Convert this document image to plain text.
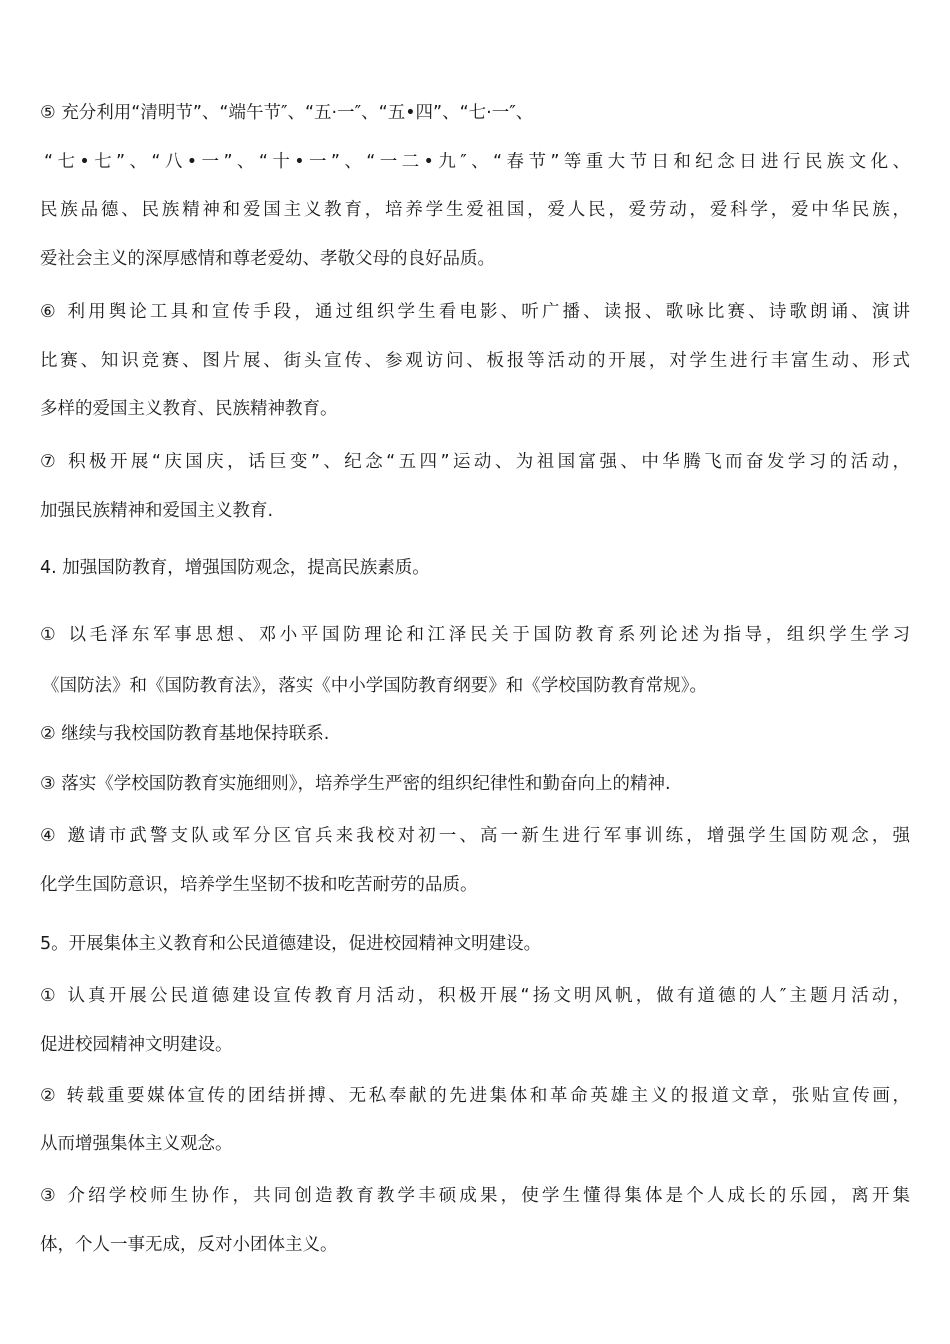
⑤ 充分利用“清明节”、“端午节″、“五·一″、“五•四”、“七·一″、
“七•七”、“八•一”、“十•一”、“一二•九″、“春节”等重大节日和纪念日进行民族文化、
民族品德、民族精神和爱国主义教育，培养学生爱祖国，爱人民，爱劳动，爱科学，爱中华民族，
爱社会主义的深厚感情和尊老爱幼、孝敬父母的良好品质。
⑥ 利用舆论工具和宣传手段，通过组织学生看电影、听广播、读报、歌咏比赛、诗歌朗诵、演讲
比赛、知识竞赛、图片展、街头宣传、参观访问、板报等活动的开展，对学生进行丰富生动、形式
多样的爱国主义教育、民族精神教育。
⑦ 积极开展“庆国庆，话巨变”、纪念“五四”运动、为祖国富强、中华腾飞而奋发学习的活动，
加强民族精神和爱国主义教育.
4. 加强国防教育，增强国防观念，提高民族素质。
① 以毛泽东军事思想、邓小平国防理论和江泽民关于国防教育系列论述为指导，组织学生学习
《国防法》和《国防教育法》，落实《中小学国防教育纲要》和《学校国防教育常规》。
② 继续与我校国防教育基地保持联系.
③ 落实《学校国防教育实施细则》，培养学生严密的组织纪律性和勤奋向上的精神.
④ 邀请市武警支队或军分区官兵来我校对初一、高一新生进行军事训练，增强学生国防观念，强
化学生国防意识，培养学生坚韧不拔和吃苦耐劳的品质。
5。开展集体主义教育和公民道德建设，促进校园精神文明建设。
① 认真开展公民道德建设宣传教育月活动，积极开展“扬文明风帆，做有道德的人″主题月活动，
促进校园精神文明建设。
② 转载重要媒体宣传的团结拼搏、无私奉献的先进集体和革命英雄主义的报道文章，张贴宣传画，
从而增强集体主义观念。
③ 介绍学校师生协作，共同创造教育教学丰硕成果，使学生懂得集体是个人成长的乐园，离开集
体，个人一事无成，反对小团体主义。
